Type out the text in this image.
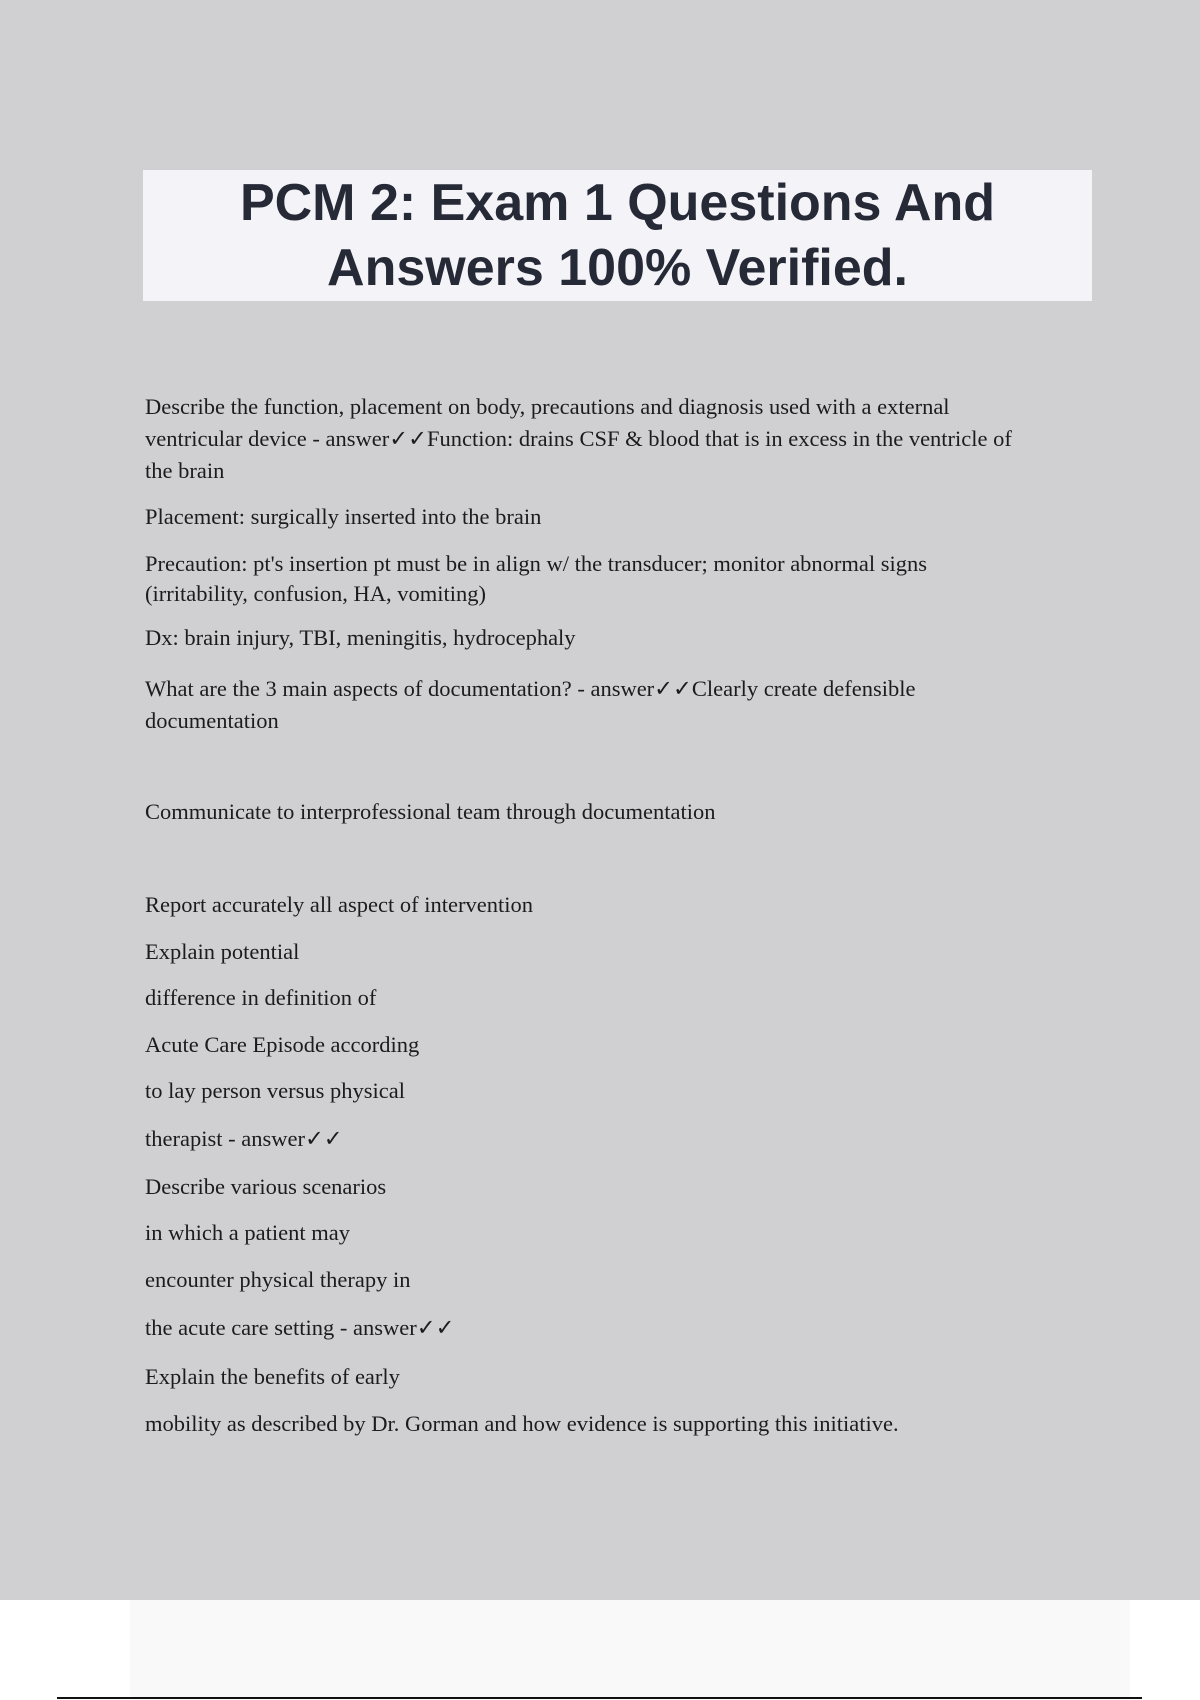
PCM 2: Exam 1 Questions And
Answers 100% Verified.

Describe the function, placement on body, precautions and diagnosis used with a external

ventricular device - answer✓✓Function: drains CSF & blood that is in excess in the ventricle of

the brain

Placement: surgically inserted into the brain

Precaution: pt's insertion pt must be in align w/ the transducer; monitor abnormal signs

(irritability, confusion, HA, vomiting)

Dx: brain injury, TBI, meningitis, hydrocephaly

What are the 3 main aspects of documentation? - answer✓✓Clearly create defensible

documentation

Communicate to interprofessional team through documentation

Report accurately all aspect of intervention

Explain potential

difference in definition of

Acute Care Episode according

to lay person versus physical

therapist - answer✓✓

Describe various scenarios

in which a patient may

encounter physical therapy in

the acute care setting - answer✓✓

Explain the benefits of early

mobility as described by Dr. Gorman and how evidence is supporting this initiative.
